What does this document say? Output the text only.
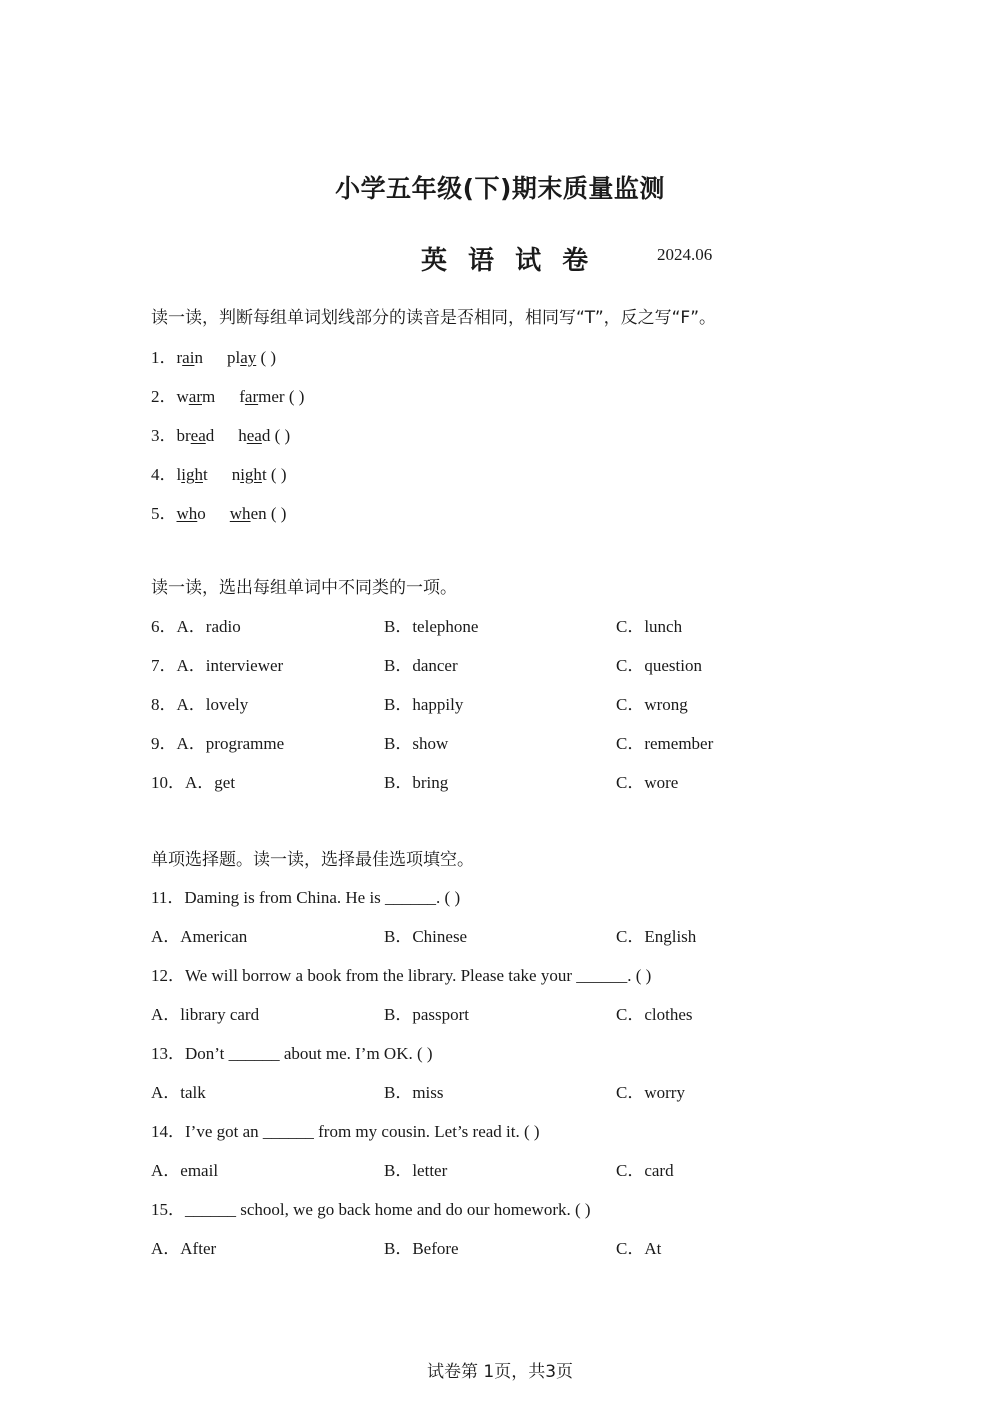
小学五年级(下)期末质量监测
英 语 试 卷	2024.06
读一读，判断每组单词划线部分的读音是否相同，相同写“T”，反之写“F”。
1．rain play ( )
2．warm farmer ( )
3．bread head ( )
4．light night ( )
5．who when ( )
读一读，选出每组单词中不同类的一项。
6．A．radio	B．telephone	C．lunch
7．A．interviewer	B．dancer	C．question
8．A．lovely	B．happily	C．wrong
9．A．programme	B．show	C．remember
10．A．get	B．bring	C．wore
单项选择题。读一读，选择最佳选项填空。
11．Daming is from China. He is ______. ( )
A．American	B．Chinese	C．English
12．We will borrow a book from the library. Please take your ______. ( )
A．library card	B．passport	C．clothes
13．Don’t ______ about me. I’m OK. ( )
A．talk	B．miss	C．worry
14．I’ve got an ______ from my cousin. Let’s read it. ( )
A．email	B．letter	C．card
15．______ school, we go back home and do our homework. ( )
A．After	B．Before	C．At
试卷第 1页，共3页
